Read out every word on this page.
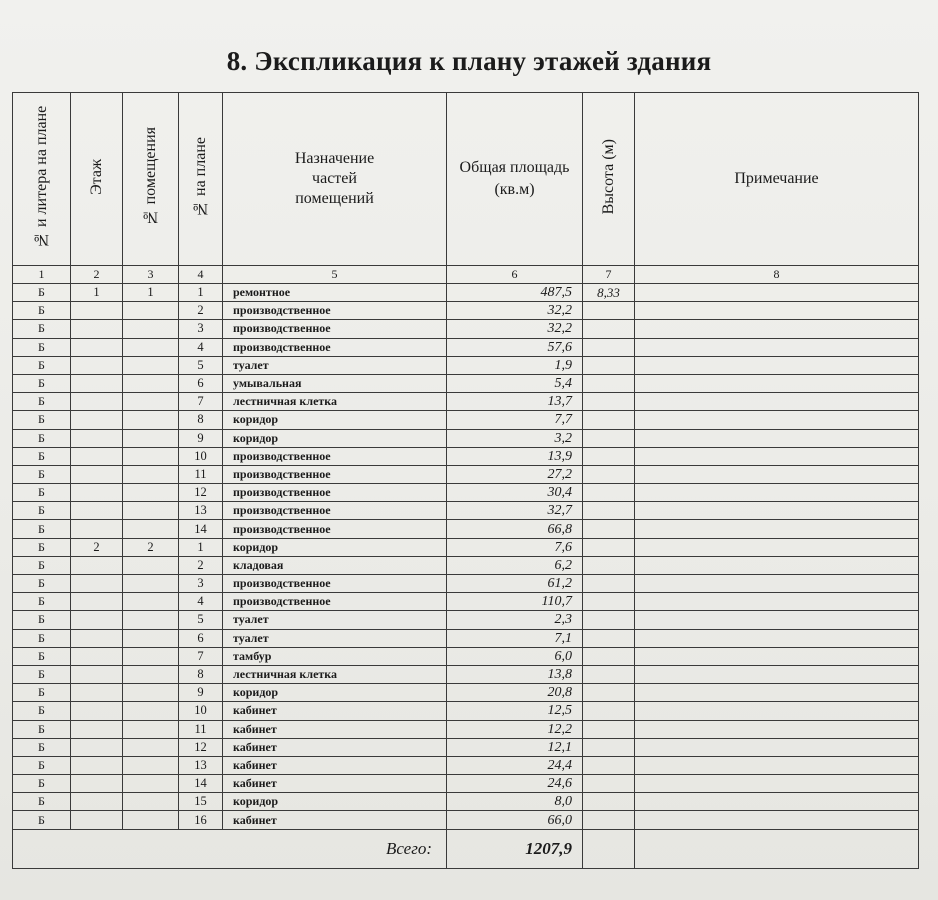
8. Экспликация к плану этажей здания
№ и литера на плане	Этаж	№ помещения	№ на плане	Назначение частей помещений	Общая площадь (кв.м)	Высота (м)	Примечание
1	2	3	4	5	6	7	8
Б	1	1	1	ремонтное	487,5	8,33	
Б			2	производственное	32,2		
Б			3	производственное	32,2		
Б			4	производственное	57,6		
Б			5	туалет	1,9		
Б			6	умывальная	5,4		
Б			7	лестничная клетка	13,7		
Б			8	коридор	7,7		
Б			9	коридор	3,2		
Б			10	производственное	13,9		
Б			11	производственное	27,2		
Б			12	производственное	30,4		
Б			13	производственное	32,7		
Б			14	производственное	66,8		
Б	2	2	1	коридор	7,6		
Б			2	кладовая	6,2		
Б			3	производственное	61,2		
Б			4	производственное	110,7		
Б			5	туалет	2,3		
Б			6	туалет	7,1		
Б			7	тамбур	6,0		
Б			8	лестничная клетка	13,8		
Б			9	коридор	20,8		
Б			10	кабинет	12,5		
Б			11	кабинет	12,2		
Б			12	кабинет	12,1		
Б			13	кабинет	24,4		
Б			14	кабинет	24,6		
Б			15	коридор	8,0		
Б			16	кабинет	66,0		
Всего:					1207,9		
